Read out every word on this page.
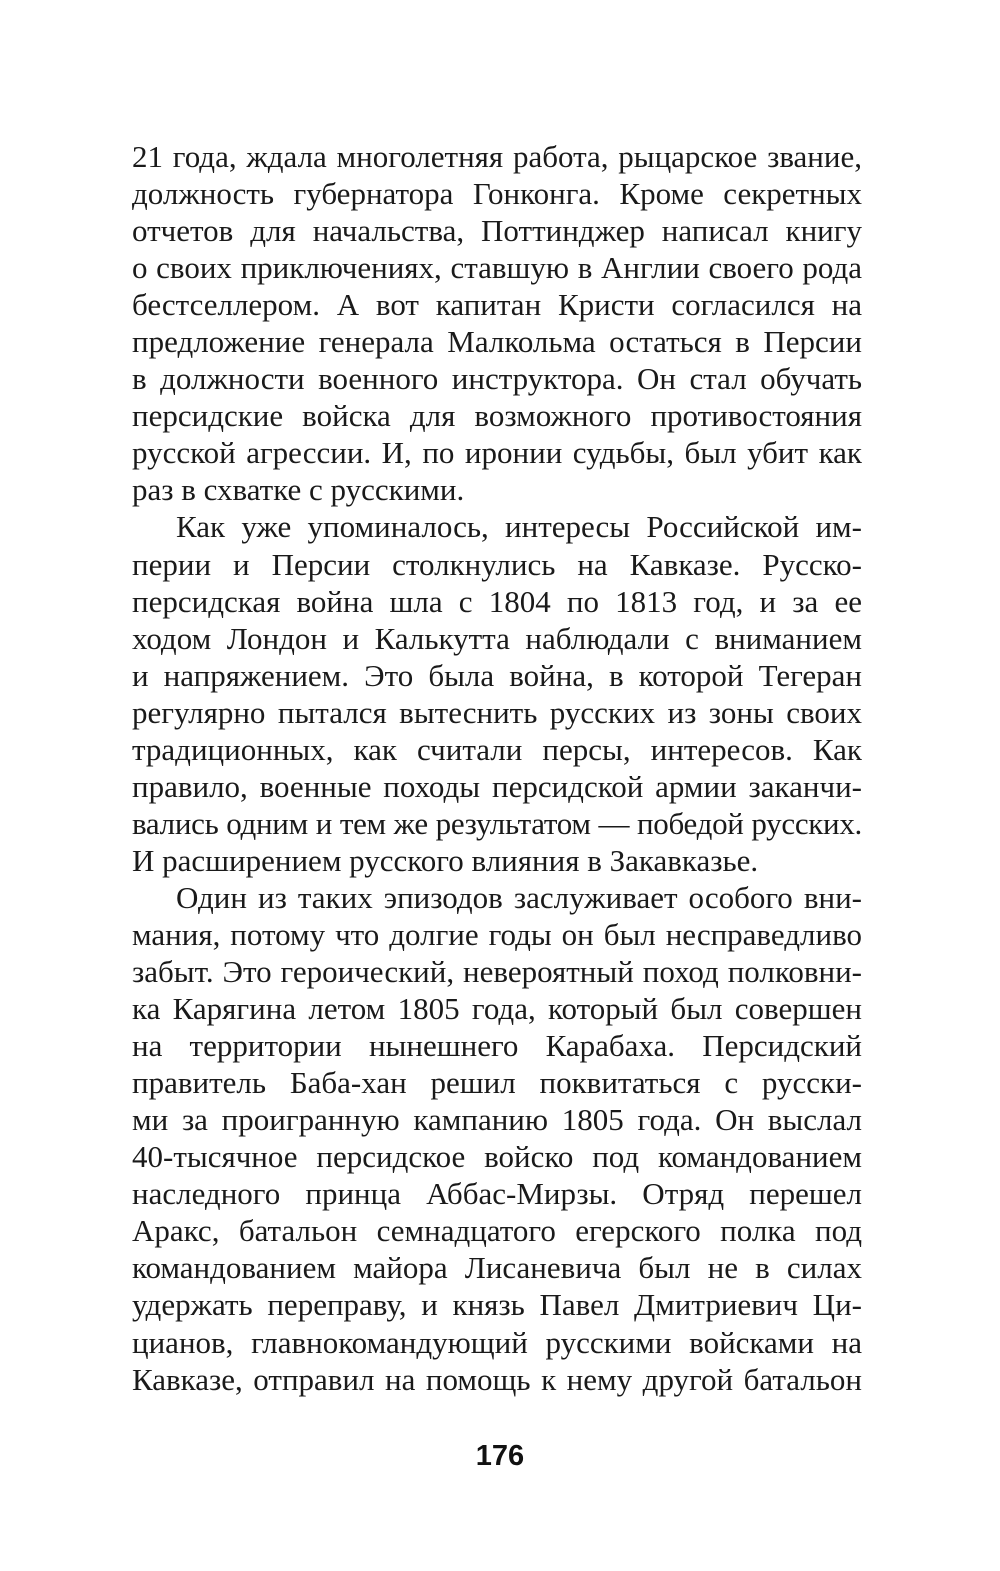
21 года, ждала многолетняя работа, рыцарское звание,
должность губернатора Гонконга. Кроме секретных
отчетов для начальства, Поттинджер написал книгу
о своих приключениях, ставшую в Англии своего рода
бестселлером. А вот капитан Кристи согласился на
предложение генерала Малкольма остаться в Персии
в должности военного инструктора. Он стал обучать
персидские войска для возможного противостояния
русской агрессии. И, по иронии судьбы, был убит как
раз в схватке с русскими.
Как уже упоминалось, интересы Российской им-
перии и Персии столкнулись на Кавказе. Русско-
персидская война шла с 1804 по 1813 год, и за ее
ходом Лондон и Калькутта наблюдали с вниманием
и напряжением. Это была война, в которой Тегеран
регулярно пытался вытеснить русских из зоны своих
традиционных, как считали персы, интересов. Как
правило, военные походы персидской армии заканчи-
вались одним и тем же результатом — победой русских.
И расширением русского влияния в Закавказье.
Один из таких эпизодов заслуживает особого вни-
мания, потому что долгие годы он был несправедливо
забыт. Это героический, невероятный поход полковни-
ка Карягина летом 1805 года, который был совершен
на территории нынешнего Карабаха. Персидский
правитель Баба-хан решил поквитаться с русски-
ми за проигранную кампанию 1805 года. Он выслал
40-тысячное персидское войско под командованием
наследного принца Аббас-Мирзы. Отряд перешел
Аракс, батальон семнадцатого егерского полка под
командованием майора Лисаневича был не в силах
удержать переправу, и князь Павел Дмитриевич Ци-
цианов, главнокомандующий русскими войсками на
Кавказе, отправил на помощь к нему другой батальон
176
